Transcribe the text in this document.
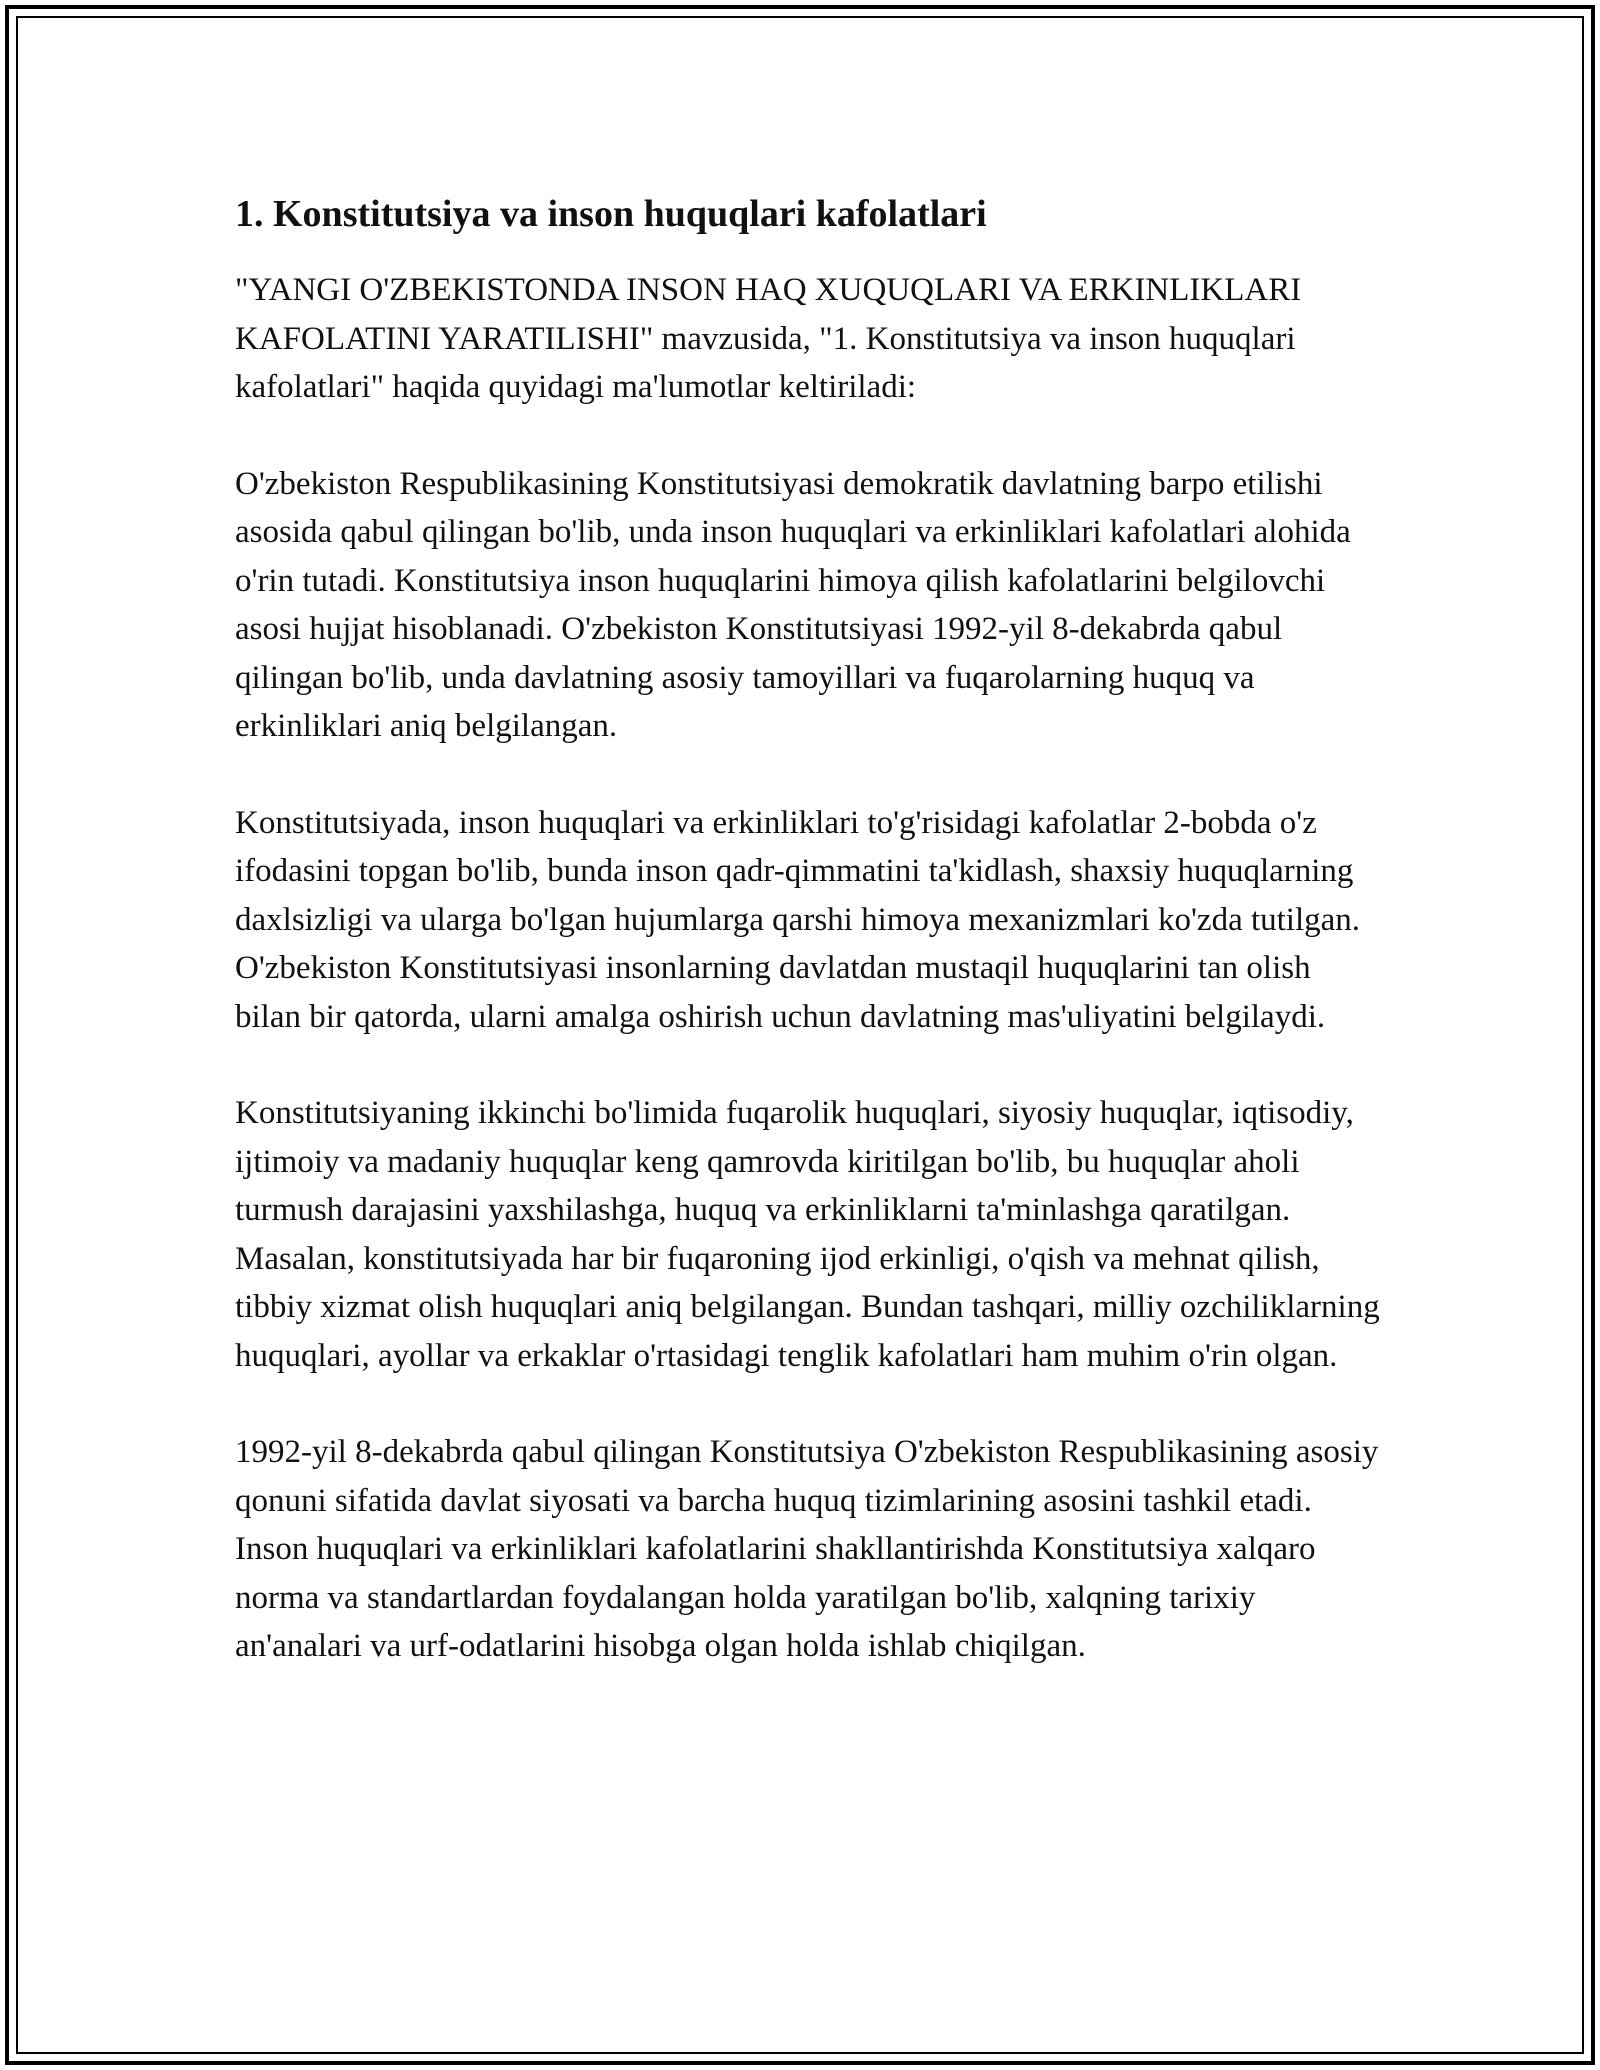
1. Konstitutsiya va inson huquqlari kafolatlari

"YANGI O'ZBEKISTONDA INSON HAQ XUQUQLARI VA ERKINLIKLARI KAFOLATINI YARATILISHI" mavzusida, "1. Konstitutsiya va inson huquqlari kafolatlari" haqida quyidagi ma'lumotlar keltiriladi:

O'zbekiston Respublikasining Konstitutsiyasi demokratik davlatning barpo etilishi asosida qabul qilingan bo'lib, unda inson huquqlari va erkinliklari kafolatlari alohida o'rin tutadi. Konstitutsiya inson huquqlarini himoya qilish kafolatlarini belgilovchi asosi hujjat hisoblanadi. O'zbekiston Konstitutsiyasi 1992-yil 8-dekabrda qabul qilingan bo'lib, unda davlatning asosiy tamoyillari va fuqarolarning huquq va erkinliklari aniq belgilangan.

Konstitutsiyada, inson huquqlari va erkinliklari to'g'risidagi kafolatlar 2-bobda o'z ifodasini topgan bo'lib, bunda inson qadr-qimmatini ta'kidlash, shaxsiy huquqlarning daxlsizligi va ularga bo'lgan hujumlarga qarshi himoya mexanizmlari ko'zda tutilgan. O'zbekiston Konstitutsiyasi insonlarning davlatdan mustaqil huquqlarini tan olish bilan bir qatorda, ularni amalga oshirish uchun davlatning mas'uliyatini belgilaydi.

Konstitutsiyaning ikkinchi bo'limida fuqarolik huquqlari, siyosiy huquqlar, iqtisodiy, ijtimoiy va madaniy huquqlar keng qamrovda kiritilgan bo'lib, bu huquqlar aholi turmush darajasini yaxshilashga, huquq va erkinliklarni ta'minlashga qaratilgan. Masalan, konstitutsiyada har bir fuqaroning ijod erkinligi, o'qish va mehnat qilish, tibbiy xizmat olish huquqlari aniq belgilangan. Bundan tashqari, milliy ozchiliklarning huquqlari, ayollar va erkaklar o'rtasidagi tenglik kafolatlari ham muhim o'rin olgan.

1992-yil 8-dekabrda qabul qilingan Konstitutsiya O'zbekiston Respublikasining asosiy qonuni sifatida davlat siyosati va barcha huquq tizimlarining asosini tashkil etadi. Inson huquqlari va erkinliklari kafolatlarini shakllantirishda Konstitutsiya xalqaro norma va standartlardan foydalangan holda yaratilgan bo'lib, xalqning tarixiy an'analari va urf-odatlarini hisobga olgan holda ishlab chiqilgan.
